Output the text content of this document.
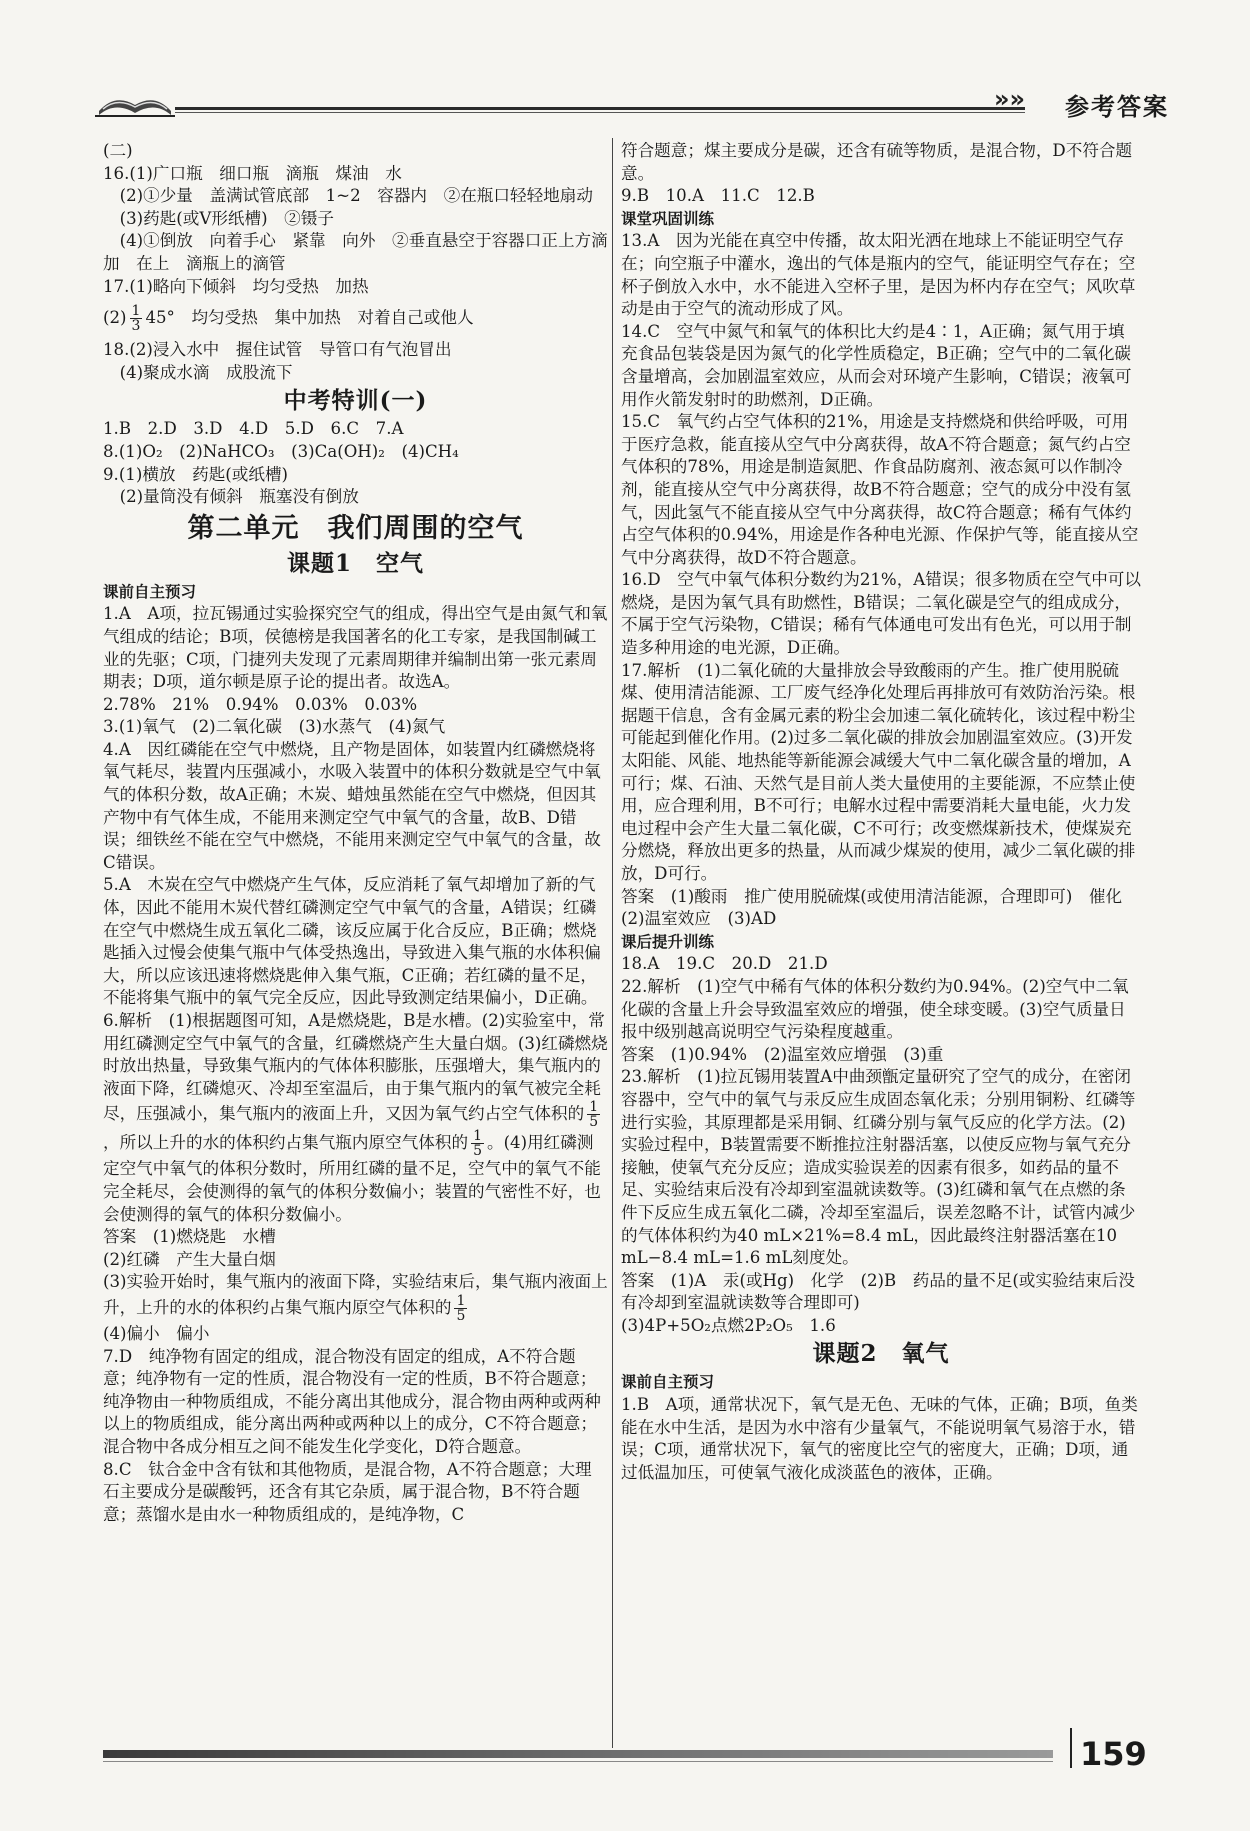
»» 参考答案

(二)

16.(1)广口瓶　细口瓶　滴瓶　煤油　水

　(2)①少量　盖满试管底部　1~2　容器内　②在瓶口轻轻地扇动

　(3)药匙(或V形纸槽)　②镊子

　(4)①倒放　向着手心　紧靠　向外　②垂直悬空于容器口正上方滴加　在上　滴瓶上的滴管

17.(1)略向下倾斜　均匀受热　加热

$(2) \frac{1}{3} 45^\circ$　均匀受热　集中加热　对着自己或他人

18.(2)浸入水中　握住试管　导管口有气泡冒出

　(4)聚成水滴　成股流下

中考特训(一)

1.B　2.D　3.D　4.D　5.D　6.C　7.A

8.(1)O₂　(2)NaHCO₃　(3)Ca(OH)₂　(4)CH₄

9.(1)横放　药匙(或纸槽)

　(2)量筒没有倾斜　瓶塞没有倒放

第二单元　我们周围的空气

课题1　空气

课前自主预习

1.A　A项，拉瓦锡通过实验探究空气的组成，得出空气是由氮气和氧气组成的结论；B项，侯德榜是我国著名的化工专家，是我国制碱工业的先驱；C项，门捷列夫发现了元素周期律并编制出第一张元素周期表；D项，道尔顿是原子论的提出者。故选A。

2.78%　21%　0.94%　0.03%　0.03%

3.(1)氧气　(2)二氧化碳　(3)水蒸气　(4)氮气

4.A　因红磷能在空气中燃烧，且产物是固体，如装置内红磷燃烧将氧气耗尽，装置内压强减小，水吸入装置中的体积分数就是空气中氧气的体积分数，故A正确；木炭、蜡烛虽然能在空气中燃烧，但因其产物中有气体生成，不能用来测定空气中氧气的含量，故B、D错误；细铁丝不能在空气中燃烧，不能用来测定空气中氧气的含量，故C错误。

5.A　木炭在空气中燃烧产生气体，反应消耗了氧气却增加了新的气体，因此不能用木炭代替红磷测定空气中氧气的含量，A错误；红磷在空气中燃烧生成五氧化二磷，该反应属于化合反应，B正确；燃烧匙插入过慢会使集气瓶中气体受热逸出，导致进入集气瓶的水体积偏大，所以应该迅速将燃烧匙伸入集气瓶，C正确；若红磷的量不足，不能将集气瓶中的氧气完全反应，因此导致测定结果偏小，D正确。

6.解析　(1)根据题图可知，A是燃烧匙，B是水槽。(2)实验室中，常用红磷测定空气中氧气的含量，红磷燃烧产生大量白烟。(3)红磷燃烧时放出热量，导致集气瓶内的气体体积膨胀，压强增大，集气瓶内的液面下降，红磷熄灭、冷却至室温后，由于集气瓶内的氧气被完全耗尽，压强减小，集气瓶内的液面上升，又因为氧气约占空气体积的 $\frac{1}{5}$
，所以上升的水的体积约占集气瓶内原空气体积的 $\frac{1}{5}$ 。(4)用红磷测定空气中氧气的体积分数时，所用红磷的量不足，空气中的氧气不能完全耗尽，会使测得的氧气的体积分数偏小；装置的气密性不好，也会使测得的氧气的体积分数偏小。

答案　(1)燃烧匙　水槽

(2)红磷　产生大量白烟

(3)实验开始时，集气瓶内的液面下降，实验结束后，集气瓶内液面上升，上升的水的体积约占集气瓶内原空气体积的 $\frac{1}{5}$

(4)偏小　偏小

7.D　纯净物有固定的组成，混合物没有固定的组成，A不符合题意；纯净物有一定的性质，混合物没有一定的性质，B不符合题意；纯净物由一种物质组成，不能分离出其他成分，混合物由两种或两种以上的物质组成，能分离出两种或两种以上的成分，C不符合题意；混合物中各成分相互之间不能发生化学变化，D符合题意。

8.C　钛合金中含有钛和其他物质，是混合物，A不符合题意；大理石主要成分是碳酸钙，还含有其它杂质，属于混合物，B不符合题意；蒸馏水是由水一种物质组成的，是纯净物，C

符合题意；煤主要成分是碳，还含有硫等物质，是混合物，D不符合题意。

9.B　10.A　11.C　12.B

课堂巩固训练

13.A　因为光能在真空中传播，故太阳光洒在地球上不能证明空气存在；向空瓶子中灌水，逸出的气体是瓶内的空气，能证明空气存在；空杯子倒放入水中，水不能进入空杯子里，是因为杯内存在空气；风吹草动是由于空气的流动形成了风。

14.C　空气中氮气和氧气的体积比大约是4∶1，A正确；氮气用于填充食品包装袋是因为氮气的化学性质稳定，B正确；空气中的二氧化碳含量增高，会加剧温室效应，从而会对环境产生影响，C错误；液氧可用作火箭发射时的助燃剂，D正确。

15.C　氧气约占空气体积的21%，用途是支持燃烧和供给呼吸，可用于医疗急救，能直接从空气中分离获得，故A不符合题意；氮气约占空气体积的78%，用途是制造氮肥、作食品防腐剂、液态氮可以作制冷剂，能直接从空气中分离获得，故B不符合题意；空气的成分中没有氢气，因此氢气不能直接从空气中分离获得，故C符合题意；稀有气体约占空气体积的0.94%，用途是作各种电光源、作保护气等，能直接从空气中分离获得，故D不符合题意。

16.D　空气中氧气体积分数约为21%，A错误；很多物质在空气中可以燃烧，是因为氧气具有助燃性，B错误；二氧化碳是空气的组成成分，不属于空气污染物，C错误；稀有气体通电可发出有色光，可以用于制造多种用途的电光源，D正确。

17.解析　(1)二氧化硫的大量排放会导致酸雨的产生。推广使用脱硫煤、使用清洁能源、工厂废气经净化处理后再排放可有效防治污染。根据题干信息，含有金属元素的粉尘会加速二氧化硫转化，该过程中粉尘可能起到催化作用。(2)过多二氧化碳的排放会加剧温室效应。(3)开发太阳能、风能、地热能等新能源会减缓大气中二氧化碳含量的增加，A可行；煤、石油、天然气是目前人类大量使用的主要能源，不应禁止使用，应合理利用，B不可行；电解水过程中需要消耗大量电能，火力发电过程中会产生大量二氧化碳，C不可行；改变燃煤新技术，使煤炭充分燃烧，释放出更多的热量，从而减少煤炭的使用，减少二氧化碳的排放，D可行。

答案　(1)酸雨　推广使用脱硫煤(或使用清洁能源，合理即可)　催化　(2)温室效应　(3)AD

课后提升训练

18.A　19.C　20.D　21.D

22.解析　(1)空气中稀有气体的体积分数约为0.94%。(2)空气中二氧化碳的含量上升会导致温室效应的增强，使全球变暖。(3)空气质量日报中级别越高说明空气污染程度越重。

答案　(1)0.94%　(2)温室效应增强　(3)重

23.解析　(1)拉瓦锡用装置A中曲颈甑定量研究了空气的成分，在密闭容器中，空气中的氧气与汞反应生成固态氧化汞；分别用铜粉、红磷等进行实验，其原理都是采用铜、红磷分别与氧气反应的化学方法。(2)实验过程中，B装置需要不断推拉注射器活塞，以使反应物与氧气充分接触，使氧气充分反应；造成实验误差的因素有很多，如药品的量不足、实验结束后没有冷却到室温就读数等。(3)红磷和氧气在点燃的条件下反应生成五氧化二磷，冷却至室温后，误差忽略不计，试管内减少的气体体积约为40 mL×21%=8.4 mL，因此最终注射器活塞在10 mL−8.4 mL=1.6 mL刻度处。

答案　(1)A　汞(或Hg)　化学　(2)B　药品的量不足(或实验结束后没有冷却到室温就读数等合理即可)

(3)4P+5O₂点燃2P₂O₅　1.6

课题2　氧气

课前自主预习

1.B　A项，通常状况下，氧气是无色、无味的气体，正确；B项，鱼类能在水中生活，是因为水中溶有少量氧气，不能说明氧气易溶于水，错误；C项，通常状况下，氧气的密度比空气的密度大，正确；D项，通过低温加压，可使氧气液化成淡蓝色的液体，正确。

159
